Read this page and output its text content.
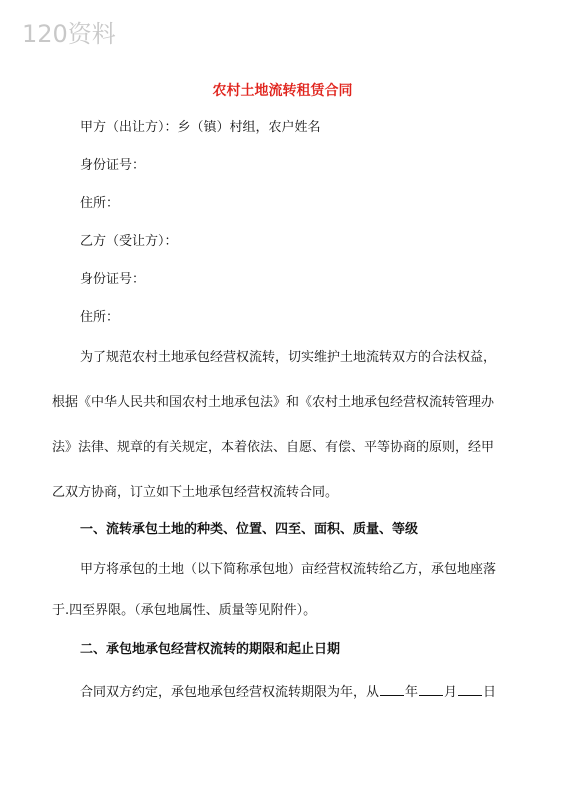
120资料
农村土地流转租赁合同
甲方（出让方）：乡（镇）村组，农户姓名
身份证号：
住所：
乙方（受让方）：
身份证号：
住所：
为了规范农村土地承包经营权流转，切实维护土地流转双方的合法权益，
根据《中华人民共和国农村土地承包法》和《农村土地承包经营权流转管理办
法》法律、规章的有关规定，本着依法、自愿、有偿、平等协商的原则，经甲
乙双方协商，订立如下土地承包经营权流转合同。
一、流转承包土地的种类、位置、四至、面积、质量、等级
甲方将承包的土地（以下简称承包地）亩经营权流转给乙方，承包地座落
于.四至界限。（承包地属性、质量等见附件）。
二、承包地承包经营权流转的期限和起止日期
合同双方约定，承包地承包经营权流转期限为年，从 年 月 日
